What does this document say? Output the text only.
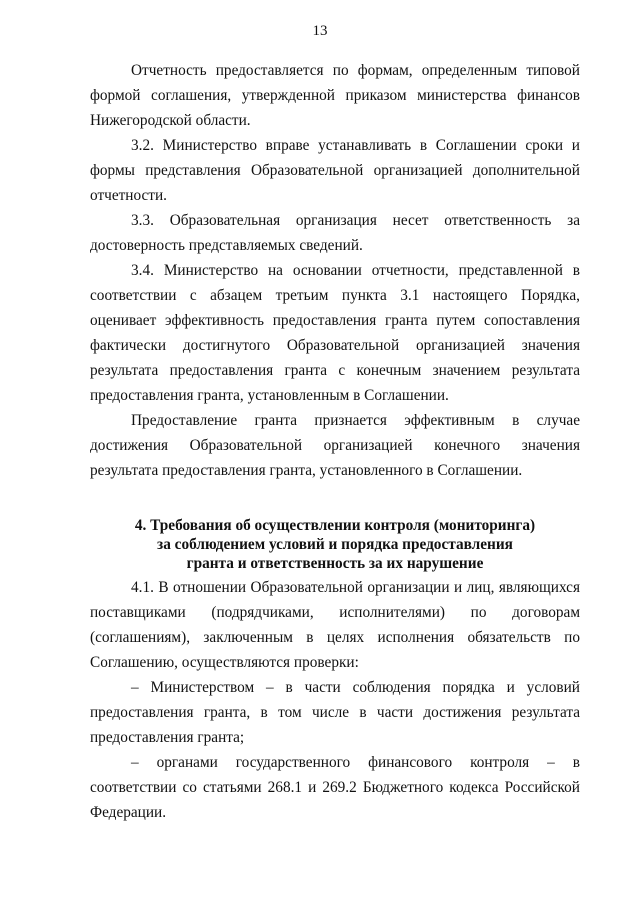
13

Отчетность предоставляется по формам, определенным типовой формой соглашения, утвержденной приказом министерства финансов Нижегородской области.

3.2. Министерство вправе устанавливать в Соглашении сроки и формы представления Образовательной организацией дополнительной отчетности.

3.3. Образовательная организация несет ответственность за достоверность представляемых сведений.

3.4. Министерство на основании отчетности, представленной в соответствии с абзацем третьим пункта 3.1 настоящего Порядка, оценивает эффективность предоставления гранта путем сопоставления фактически достигнутого Образовательной организацией значения результата предоставления гранта с конечным значением результата предоставления гранта, установленным в Соглашении.

Предоставление гранта признается эффективным в случае достижения Образовательной организацией конечного значения результата предоставления гранта, установленного в Соглашении.

4. Требования об осуществлении контроля (мониторинга)
за соблюдением условий и порядка предоставления
гранта и ответственность за их нарушение

4.1. В отношении Образовательной организации и лиц, являющихся поставщиками (подрядчиками, исполнителями) по договорам (соглашениям), заключенным в целях исполнения обязательств по Соглашению, осуществляются проверки:

– Министерством – в части соблюдения порядка и условий предоставления гранта, в том числе в части достижения результата предоставления гранта;

– органами государственного финансового контроля – в соответствии со статьями 268.1 и 269.2 Бюджетного кодекса Российской Федерации.
